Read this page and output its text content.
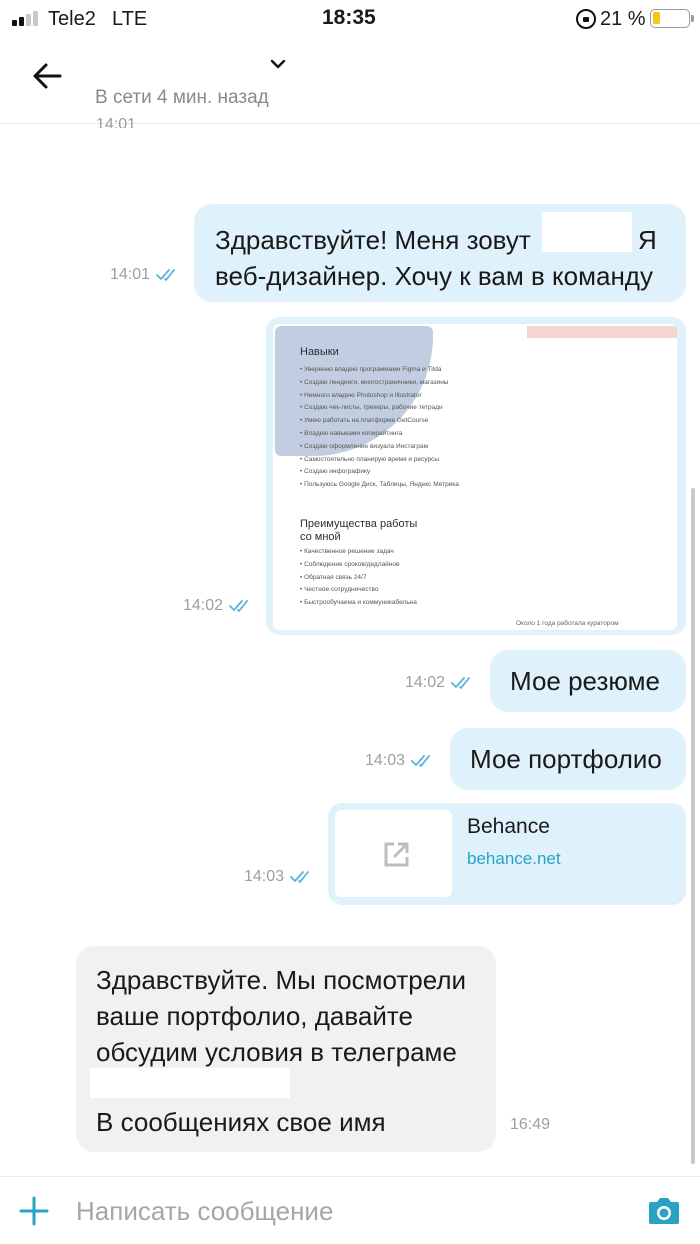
Tele2 LTE	18:35	21 %
В сети 4 мин. назад
14:01
Здравствуйте! Меня зовут	Я
веб-дизайнер. Хочу к вам в команду
14:01
Навыки
• Уверенно владею программами Figma и Tilda
• Создаю лендинги, многостраничники, магазины
• Немного владею Photoshop и Illustrator
• Создаю чек-листы, трекеры, рабочие тетради
• Умею работать на платформе GetCourse
• Владею навыками копирайтинга
• Создаю оформление визуала Инстаграм
• Самостоятельно планирую время и ресурсы
• Создаю инфографику
• Пользуюсь Google Диск, Таблицы, Яндекс Метрика
Преимущества работы
со мной
• Качественное решение задач
• Соблюдение сроков/дедлайнов
• Обратная связь 24/7
• Честное сотрудничество
• Быстрообучаема и коммуникабельна
Около 1 года работала куратором
14:02
Мое резюме
14:02
Мое портфолио
14:03
Behance
behance.net
14:03
Здравствуйте. Мы посмотрели
ваше портфолио, давайте
обсудим условия в телеграме
В сообщениях свое имя	16:49
Написать сообщение
